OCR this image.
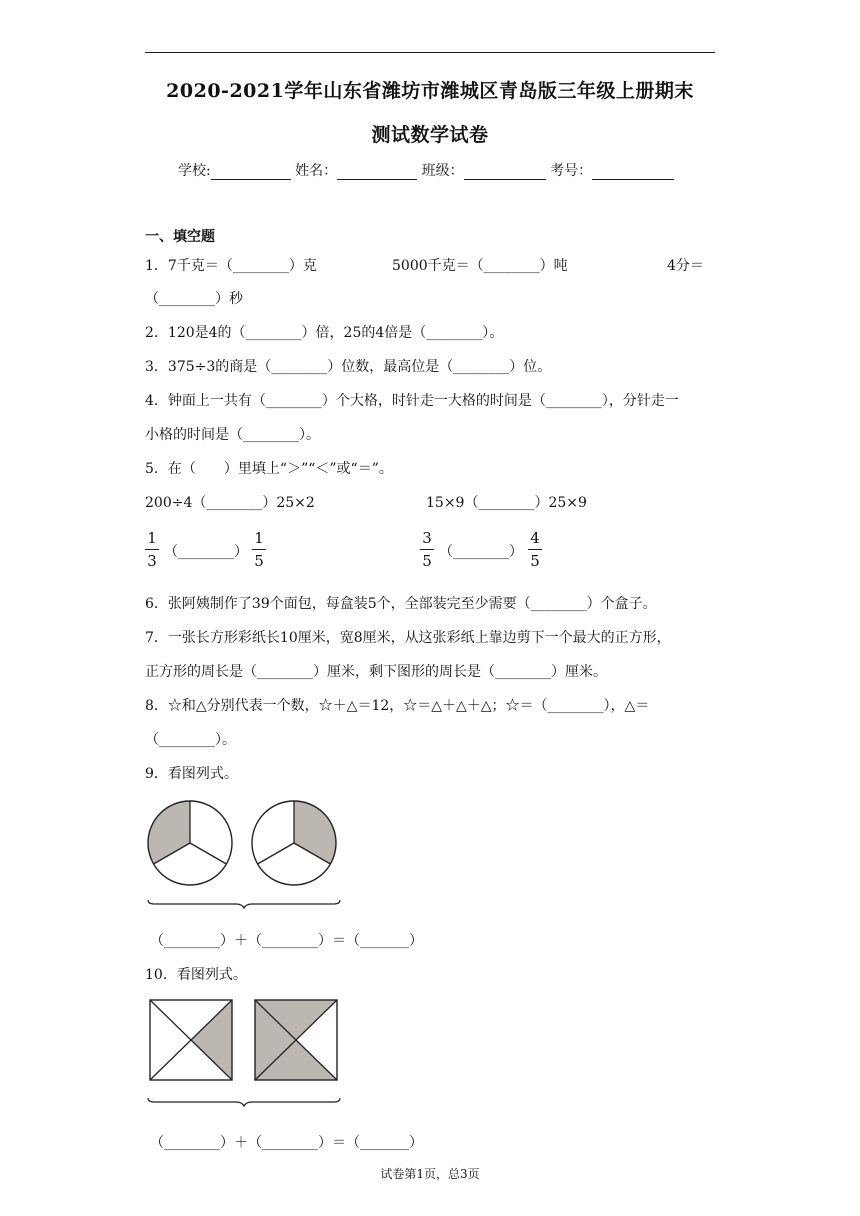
2020-2021学年山东省潍坊市潍城区青岛版三年级上册期末
测试数学试卷
学校:	姓名：	班级：	考号：
一、填空题
1．7千克＝（________）克	5000千克＝（________）吨	4分＝
（________）秒
2．120是4的（________）倍，25的4倍是（________）。
3．375÷3的商是（________）位数，最高位是（________）位。
4．钟面上一共有（________）个大格，时针走一大格的时间是（________），分针走一
小格的时间是（________）。
5．在（　　）里填上“＞”“＜”或“＝”。
200÷4（________）25×2	15×9（________）25×9
1
3 （________）
1
5
3
5 （________）
4
5
6．张阿姨制作了39个面包，每盒装5个，全部装完至少需要（________）个盒子。
7．一张长方形彩纸长10厘米，宽8厘米，从这张彩纸上靠边剪下一个最大的正方形，
正方形的周长是（________）厘米，剩下图形的周长是（________）厘米。
8．☆和△分别代表一个数，☆＋△＝12，☆＝△＋△＋△；☆＝（________），△＝
（________）。
9．看图列式。
（________）＋（________）＝（_______）
10．看图列式。
（________）＋（________）＝（_______）
试卷第1页，总3页
